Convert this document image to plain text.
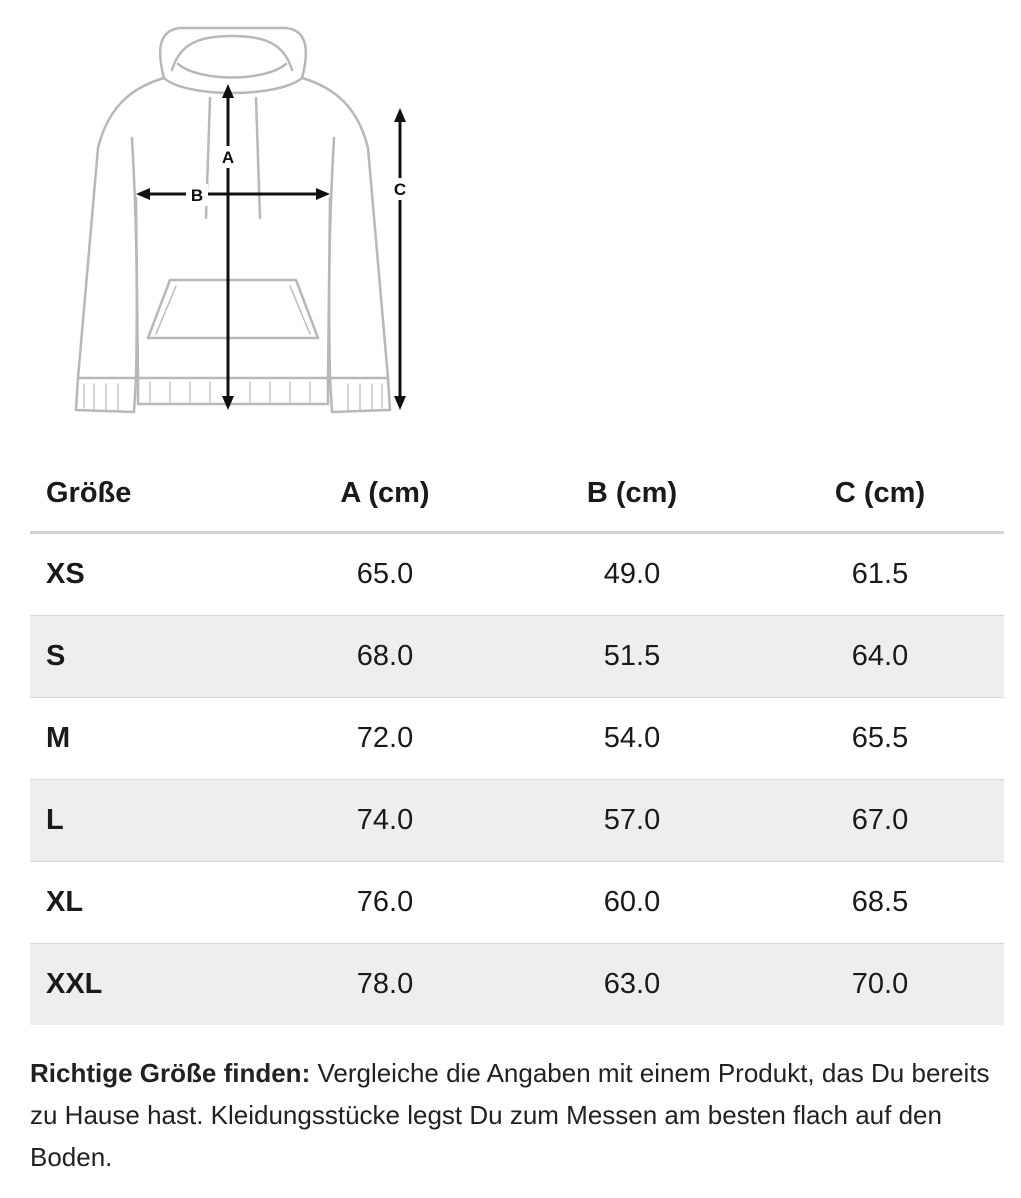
A
B	C
Größe	A (cm)	B (cm)	C (cm)
XS	65.0	49.0	61.5
S	68.0	51.5	64.0
M	72.0	54.0	65.5
L	74.0	57.0	67.0
XL	76.0	60.0	68.5
XXL	78.0	63.0	70.0

Richtige Größe finden: Vergleiche die Angaben mit einem Produkt, das Du bereits zu Hause hast. Kleidungsstücke legst Du zum Messen am besten flach auf den Boden.
